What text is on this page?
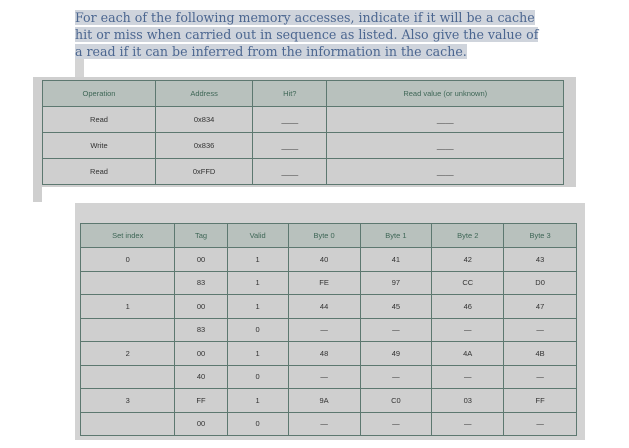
For each of the following memory accesses, indicate if it will be a cache hit or miss when carried out in sequence as listed. Also give the value of a read if it can be inferred from the information in the cache.
Operation	Address	Hit?	Read value (or unknown)
Read	0x834	____	____
Write	0x836	____	____
Read	0xFFD	____	____
Set index	Tag	Valid	Byte 0	Byte 1	Byte 2	Byte 3
0	00	1	40	41	42	43
	83	1	FE	97	CC	D0
1	00	1	44	45	46	47
	83	0	—	—	—	—
2	00	1	48	49	4A	4B
	40	0	—	—	—	—
3	FF	1	9A	C0	03	FF
	00	0	—	—	—	—
